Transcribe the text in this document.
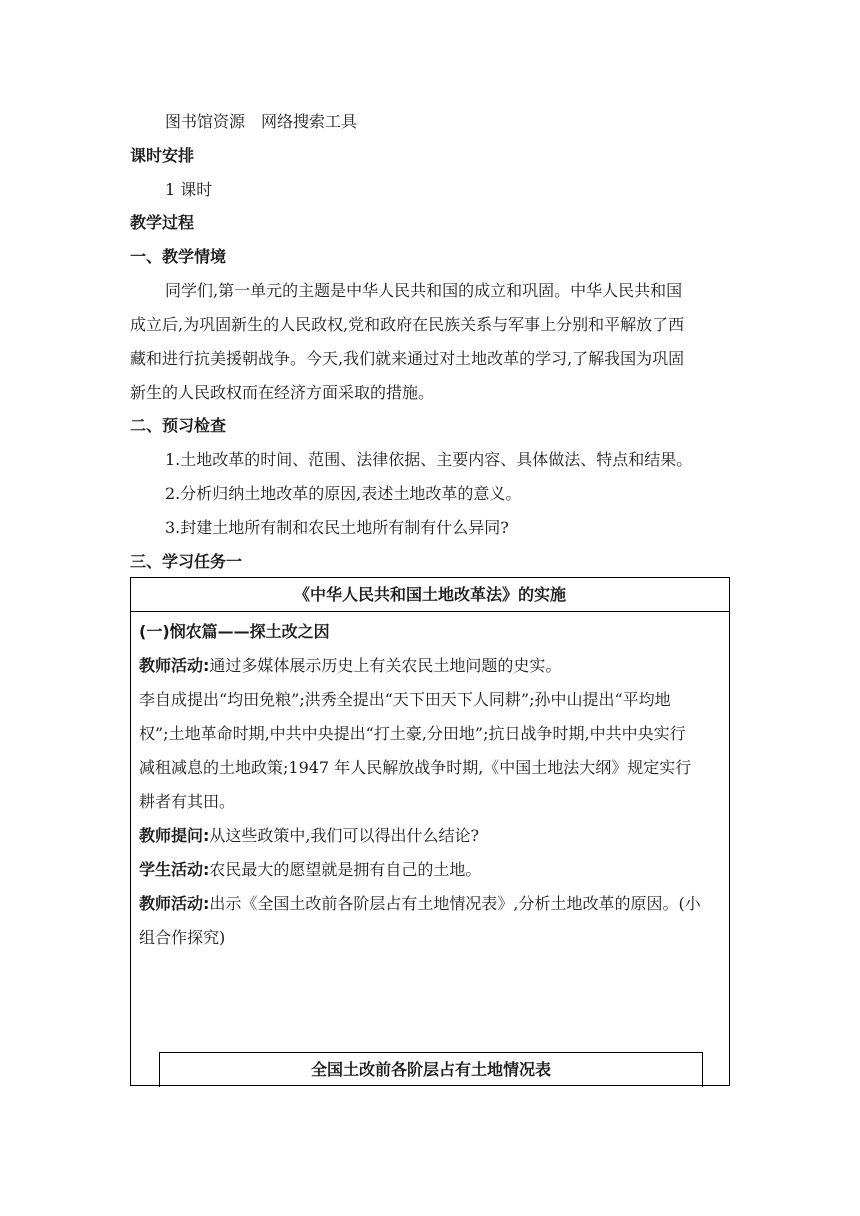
图书馆资源 网络搜索工具
课时安排
1 课时
教学过程
一、教学情境
同学们,第一单元的主题是中华人民共和国的成立和巩固。中华人民共和国
成立后,为巩固新生的人民政权,党和政府在民族关系与军事上分别和平解放了西
藏和进行抗美援朝战争。今天,我们就来通过对土地改革的学习,了解我国为巩固
新生的人民政权而在经济方面采取的措施。
二、预习检查
1.土地改革的时间、范围、法律依据、主要内容、具体做法、特点和结果。
2.分析归纳土地改革的原因,表述土地改革的意义。
3.封建土地所有制和农民土地所有制有什么异同?
三、学习任务一
《中华人民共和国土地改革法》的实施
(一)悯农篇——探土改之因
教师活动:通过多媒体展示历史上有关农民土地问题的史实。
李自成提出“均田免粮”;洪秀全提出“天下田天下人同耕”;孙中山提出“平均地
权”;土地革命时期,中共中央提出“打土豪,分田地”;抗日战争时期,中共中央实行
减租减息的土地政策;1947 年人民解放战争时期,《中国土地法大纲》规定实行
耕者有其田。
教师提问:从这些政策中,我们可以得出什么结论?
学生活动:农民最大的愿望就是拥有自己的土地。
教师活动:出示《全国土改前各阶层占有土地情况表》,分析土地改革的原因。(小
组合作探究)
全国土改前各阶层占有土地情况表
